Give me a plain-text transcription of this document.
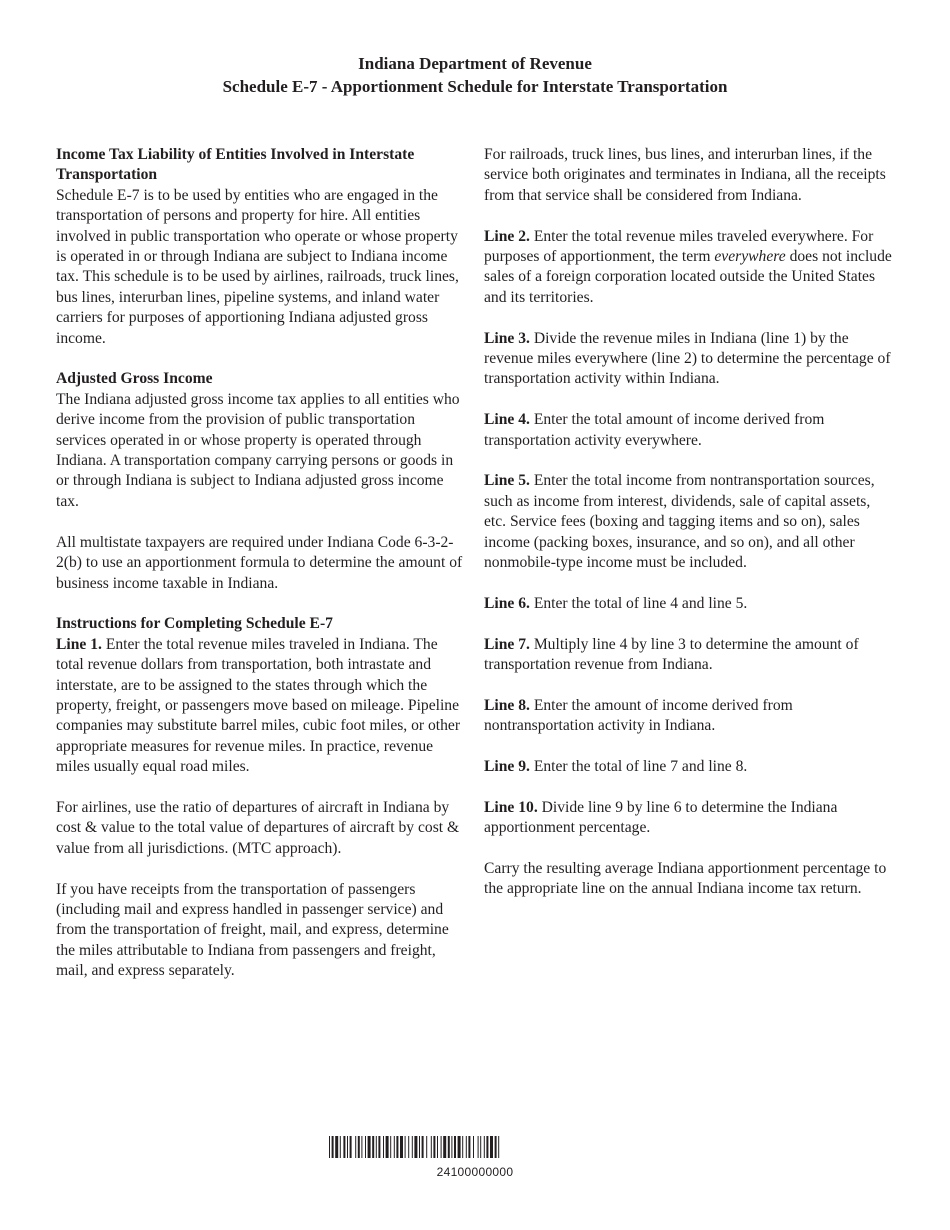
Indiana Department of Revenue
Schedule E-7 - Apportionment Schedule for Interstate Transportation
Income Tax Liability of Entities Involved in Interstate Transportation

Schedule E-7 is to be used by entities who are engaged in the transportation of persons and property for hire. All entities involved in public transportation who operate or whose property is operated in or through Indiana are subject to Indiana income tax. This schedule is to be used by airlines, railroads, truck lines, bus lines, interurban lines, pipeline systems, and inland water carriers for purposes of apportioning Indiana adjusted gross income.

Adjusted Gross Income

The Indiana adjusted gross income tax applies to all entities who derive income from the provision of public transportation services operated in or whose property is operated through Indiana. A transportation company carrying persons or goods in or through Indiana is subject to Indiana adjusted gross income tax.

All multistate taxpayers are required under Indiana Code 6-3-2-2(b) to use an apportionment formula to determine the amount of business income taxable in Indiana.

Instructions for Completing Schedule E-7

Line 1. Enter the total revenue miles traveled in Indiana. The total revenue dollars from transportation, both intrastate and interstate, are to be assigned to the states through which the property, freight, or passengers move based on mileage. Pipeline companies may substitute barrel miles, cubic foot miles, or other appropriate measures for revenue miles. In practice, revenue miles usually equal road miles.

For airlines, use the ratio of departures of aircraft in Indiana by cost & value to the total value of departures of aircraft by cost & value from all jurisdictions. (MTC approach).

If you have receipts from the transportation of passengers (including mail and express handled in passenger service) and from the transportation of freight, mail, and express, determine the miles attributable to Indiana from passengers and freight, mail, and express separately.

For railroads, truck lines, bus lines, and interurban lines, if the service both originates and terminates in Indiana, all the receipts from that service shall be considered from Indiana.

Line 2. Enter the total revenue miles traveled everywhere. For purposes of apportionment, the term everywhere does not include sales of a foreign corporation located outside the United States and its territories.

Line 3. Divide the revenue miles in Indiana (line 1) by the revenue miles everywhere (line 2) to determine the percentage of transportation activity within Indiana.

Line 4. Enter the total amount of income derived from transportation activity everywhere.

Line 5. Enter the total income from nontransportation sources, such as income from interest, dividends, sale of capital assets, etc. Service fees (boxing and tagging items and so on), sales income (packing boxes, insurance, and so on), and all other nonmobile-type income must be included.

Line 6. Enter the total of line 4 and line 5.

Line 7. Multiply line 4 by line 3 to determine the amount of transportation revenue from Indiana.

Line 8. Enter the amount of income derived from nontransportation activity in Indiana.

Line 9. Enter the total of line 7 and line 8.

Line 10. Divide line 9 by line 6 to determine the Indiana apportionment percentage.

Carry the resulting average Indiana apportionment percentage to the appropriate line on the annual Indiana income tax return.

24100000000
